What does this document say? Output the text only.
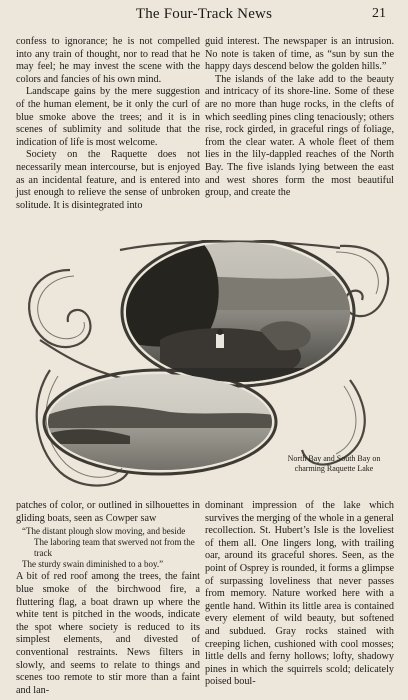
The Four-Track News	21

confess to ignorance; he is not compelled into any train of thought, nor to read that he may feel; he may invest the scene with the colors and fancies of his own mind.

Landscape gains by the mere suggestion of the human element, be it only the curl of blue smoke above the trees; and it is in scenes of sublimity and solitude that the indication of life is most welcome.

Society on the Raquette does not necessarily mean intercourse, but is enjoyed as an incidental feature, and is entered into just enough to relieve the sense of unbroken solitude. It is disintegrated into

guid interest. The newspaper is an intrusion. No note is taken of time, as “sun by sun the happy days descend below the golden hills.”

The islands of the lake add to the beauty and intricacy of its shore-line. Some of these are no more than huge rocks, in the clefts of which seedling pines cling tenaciously; others rise, rock girded, in graceful rings of foliage, from the clear water. A whole fleet of them lies in the lily-dappled reaches of the North Bay. The five islands lying between the east and west shores form the most beautiful group, and create the

North Bay and South Bay on charming Raquette Lake

patches of color, or outlined in silhouettes in gliding boats, seen as Cowper saw

“The distant plough slow moving, and beside
The laboring team that swerved not from the track
The sturdy swain diminished to a boy.”

A bit of red roof among the trees, the faint blue smoke of the birchwood fire, a fluttering flag, a boat drawn up where the white tent is pitched in the woods, indicate the spot where society is reduced to its simplest elements, and divested of conventional restraints. News filters in slowly, and seems to relate to things and scenes too remote to stir more than a faint and lan-

dominant impression of the lake which survives the merging of the whole in a general recollection. St. Hubert’s Isle is the loveliest of them all. One lingers long, with trailing oar, around its graceful shores. Seen, as the point of Osprey is rounded, it forms a glimpse of surpassing loveliness that never passes from memory. Nature worked here with a gentle hand. Within its little area is contained every element of wild beauty, but softened and subdued. Gray rocks stained with creeping lichen, cushioned with cool mosses; little dells and ferny hollows; lofty, shadowy pines in which the squirrels scold; delicately poised boul-
